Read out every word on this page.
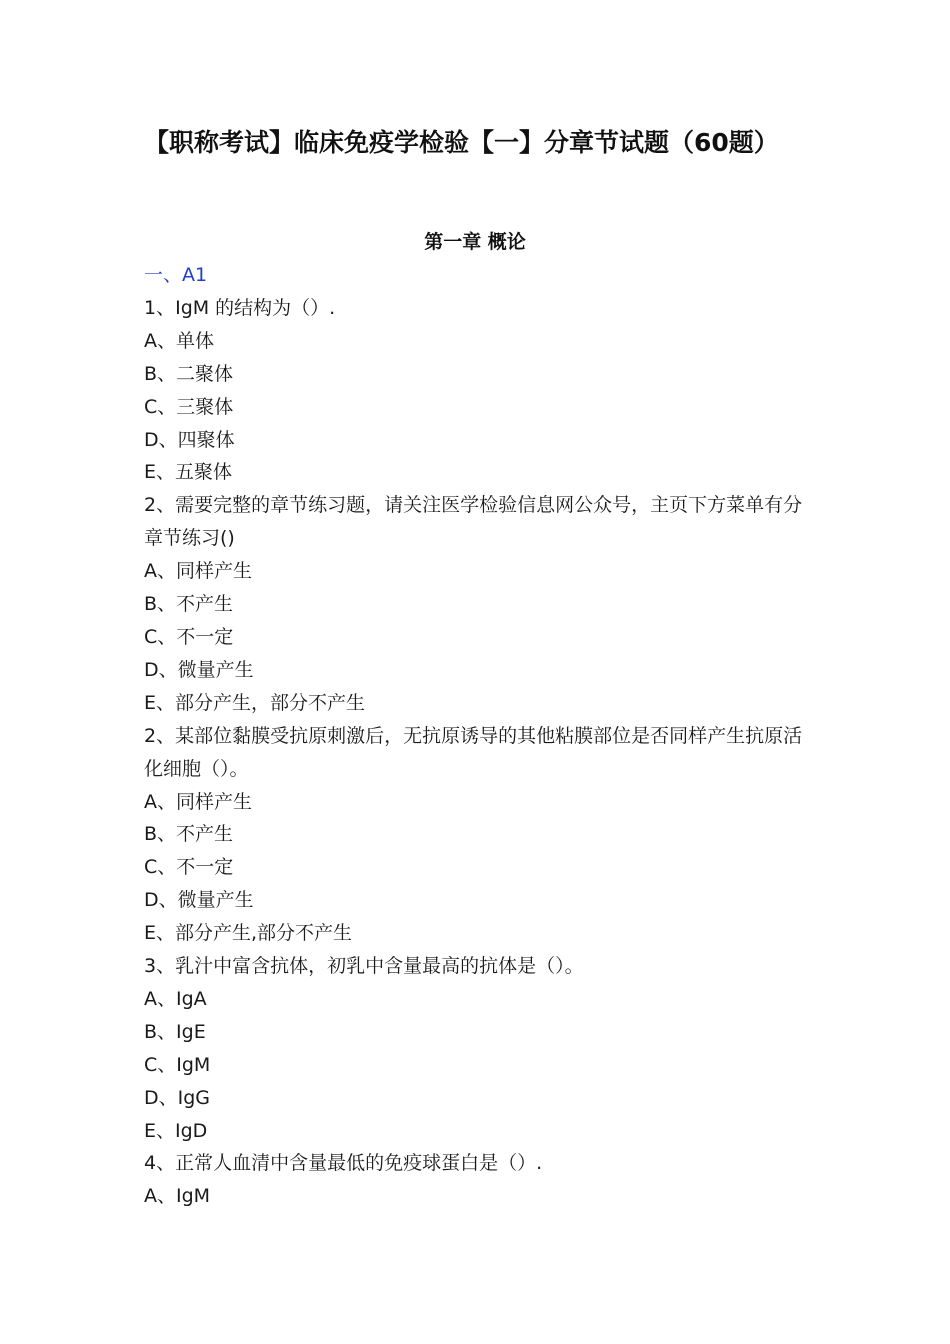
【职称考试】临床免疫学检验【一】分章节试题（60题）
第一章 概论

一、A1

1、IgM 的结构为（）.

A、单体

B、二聚体

C、三聚体

D、四聚体

E、五聚体

2、需要完整的章节练习题，请关注医学检验信息网公众号，主页下方菜单有分章节练习()

A、同样产生

B、不产生

C、不一定

D、微量产生

E、部分产生，部分不产生

2、某部位黏膜受抗原刺激后，无抗原诱导的其他粘膜部位是否同样产生抗原活化细胞（）。

A、同样产生

B、不产生

C、不一定

D、微量产生

E、部分产生,部分不产生

3、乳汁中富含抗体，初乳中含量最高的抗体是（）。

A、IgA

B、IgE

C、IgM

D、IgG

E、IgD

4、正常人血清中含量最低的免疫球蛋白是（）.

A、IgM
